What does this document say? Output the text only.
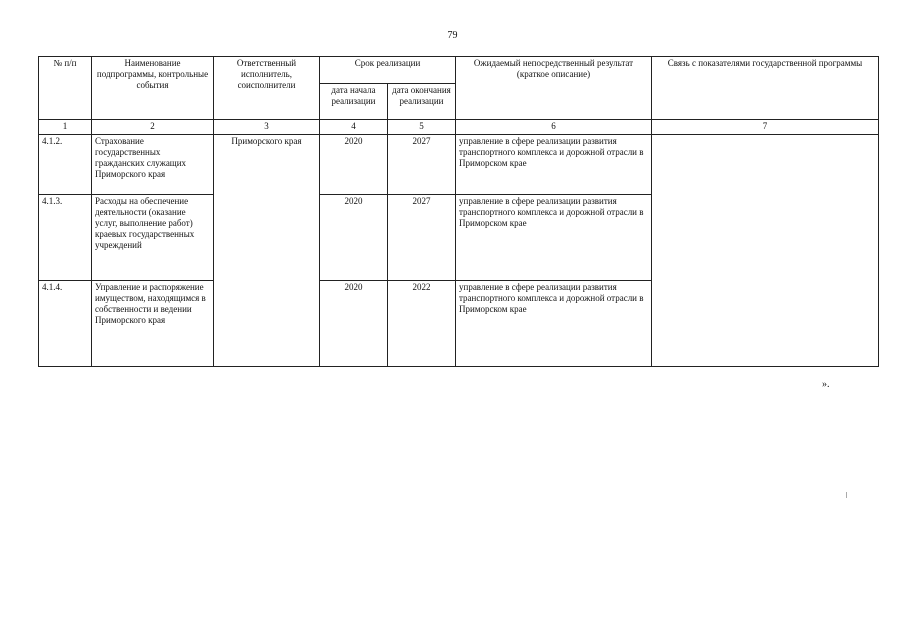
79
№ п/п	Наименование подпрограммы, контрольные события	Ответственный исполнитель, соисполнители	Срок реализации		Ожидаемый непосредственный результат (краткое описание)	Связь с показателями государственной программы
			дата начала реализации	дата окончания реализации		
1	2	3	4	5	6	7
4.1.2.	Страхование государственных гражданских служащих Приморского края	Приморского края	2020	2027	управление в сфере реализации развития транспортного комплекса и дорожной отрасли в Приморском крае	
4.1.3.	Расходы на обеспечение деятельности (оказание услуг, выполнение работ) краевых государственных учреждений		2020	2027	управление в сфере реализации развития транспортного комплекса и дорожной отрасли в Приморском крае	
4.1.4.	Управление и распоряжение имуществом, находящимся в собственности и ведении Приморского края		2020	2022	управление в сфере реализации развития транспортного комплекса и дорожной отрасли в Приморском крае	
».
